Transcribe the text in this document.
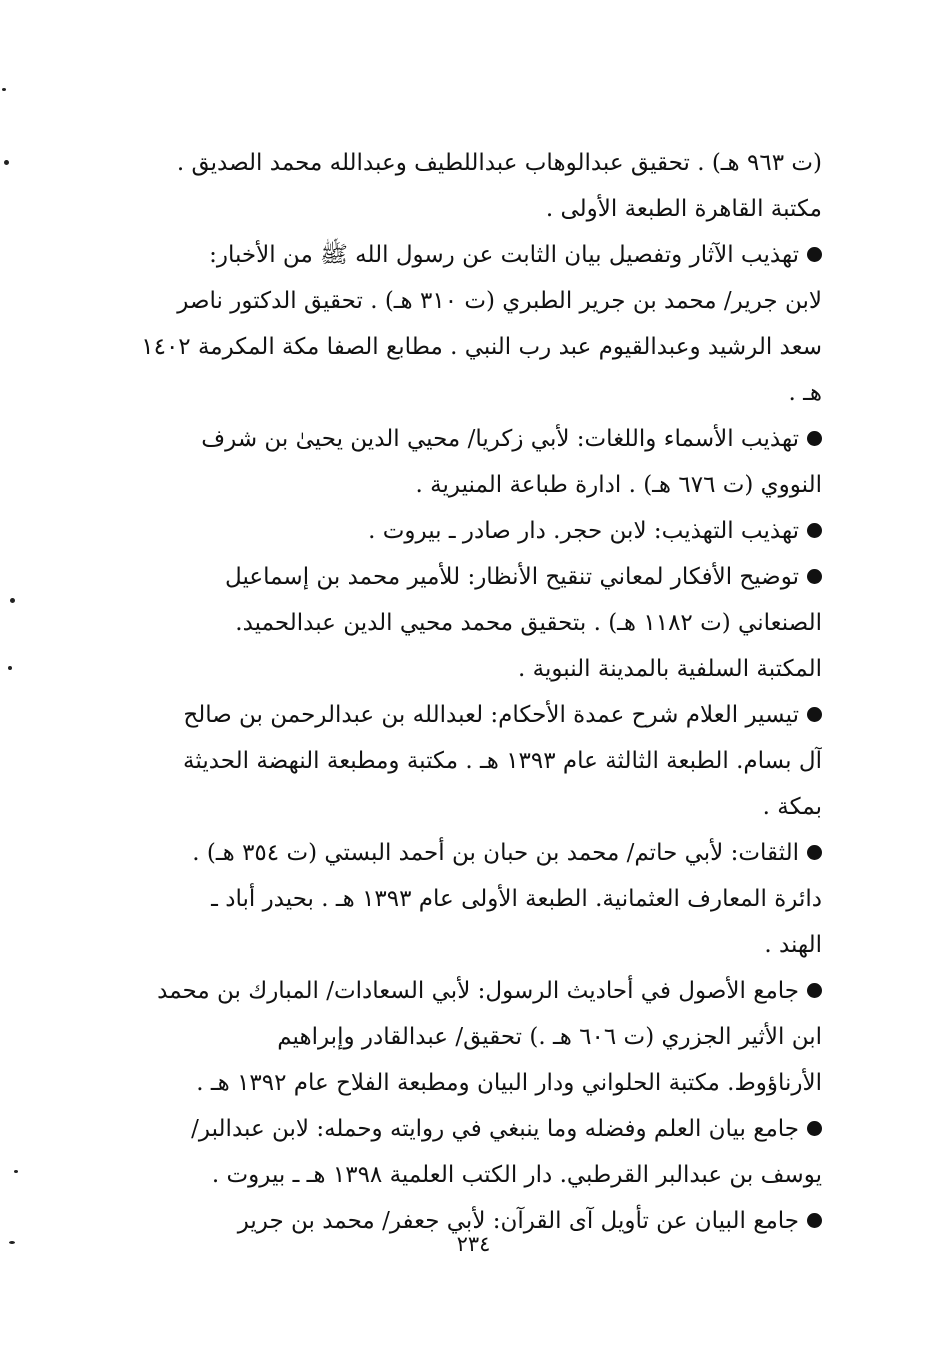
(ت ٩٦٣ هـ) . تحقيق عبدالوهاب عبداللطيف وعبدالله محمد الصديق .
مكتبة القاهرة الطبعة الأولى .
تهذيب الآثار وتفصيل بيان الثابت عن رسول الله ﷺ من الأخبار:
لابن جرير/ محمد بن جرير الطبري (ت ٣١٠ هـ) . تحقيق الدكتور ناصر
سعد الرشيد وعبدالقيوم عبد رب النبي . مطابع الصفا مكة المكرمة ١٤٠٢
هـ .
تهذيب الأسماء واللغات: لأبي زكريا/ محيي الدين يحيىٰ بن شرف
النووي (ت ٦٧٦ هـ) . ادارة طباعة المنيرية .
تهذيب التهذيب: لابن حجر. دار صادر ـ بيروت .
توضيح الأفكار لمعاني تنقيح الأنظار: للأمير محمد بن إسماعيل
الصنعاني (ت ١١٨٢ هـ) . بتحقيق محمد محيي الدين عبدالحميد.
المكتبة السلفية بالمدينة النبوية .
تيسير العلام شرح عمدة الأحكام: لعبدالله بن عبدالرحمن بن صالح
آل بسام. الطبعة الثالثة عام ١٣٩٣ هـ . مكتبة ومطبعة النهضة الحديثة
بمكة .
الثقات: لأبي حاتم/ محمد بن حبان بن أحمد البستي (ت ٣٥٤ هـ) .
دائرة المعارف العثمانية. الطبعة الأولى عام ١٣٩٣ هـ . بحيدر أباد ـ
الهند .
جامع الأصول في أحاديث الرسول: لأبي السعادات/ المبارك بن محمد
ابن الأثير الجزري (ت ٦٠٦ هـ .) تحقيق/ عبدالقادر وإبراهيم
الأرناؤوط. مكتبة الحلواني ودار البيان ومطبعة الفلاح عام ١٣٩٢ هـ .
جامع بيان العلم وفضله وما ينبغي في روايته وحمله: لابن عبدالبر/
يوسف بن عبدالبر القرطبي. دار الكتب العلمية ١٣٩٨ هـ ـ بيروت .
جامع البيان عن تأويل آى القرآن: لأبي جعفر/ محمد بن جرير
٢٣٤
